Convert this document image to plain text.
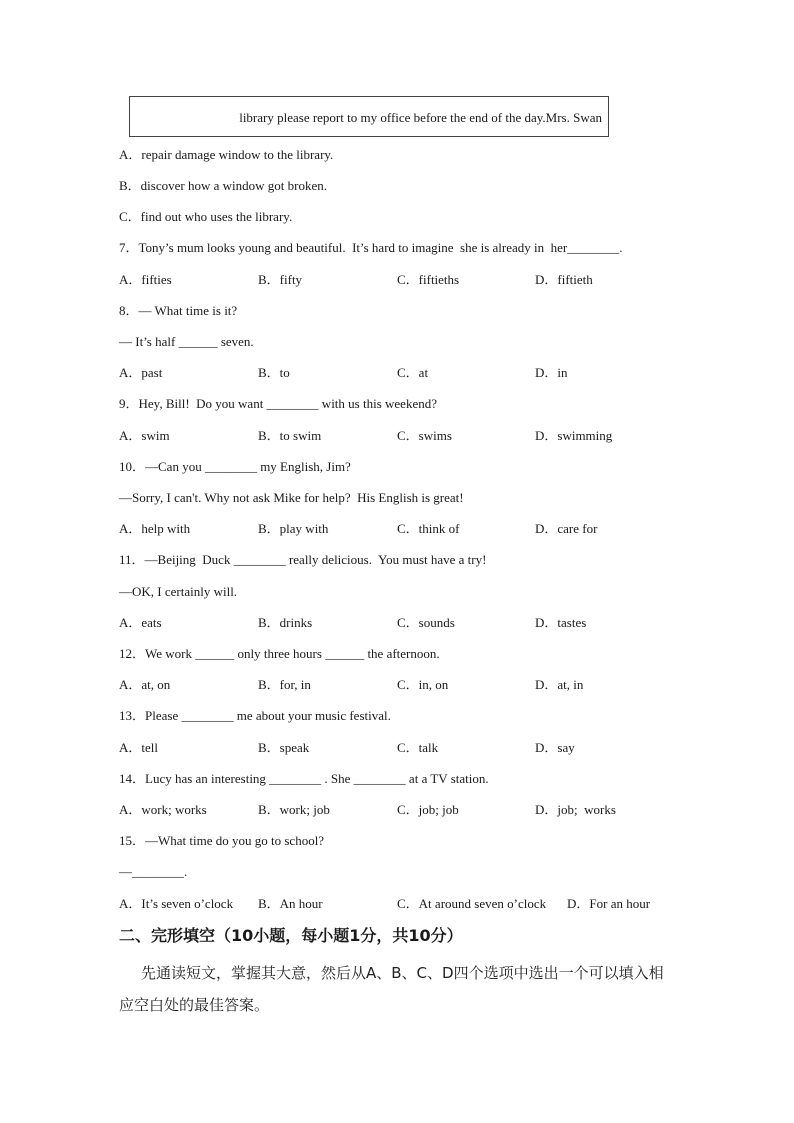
library please report to my office before the end of the day.Mrs. Swan
A．repair damage window to the library.
B．discover how a window got broken.
C．find out who uses the library.
7．Tony’s mum looks young and beautiful.  It’s hard to imagine  she is already in  her________.
A．fifties	B．fifty	C．fiftieths	D．fiftieth
8．— What time is it?
— It’s half ______ seven.
A．past	B．to	C．at	D．in
9．Hey, Bill!  Do you want ________ with us this weekend?
A．swim	B．to swim	C．swims	D．swimming
10．—Can you ________ my English, Jim?
—Sorry, I can't. Why not ask Mike for help?  His English is great!
A．help with	B．play with	C．think of	D．care for
11．—Beijing  Duck ________ really delicious.  You must have a try!
—OK, I certainly will.
A．eats	B．drinks	C．sounds	D．tastes
12．We work ______ only three hours ______ the afternoon.
A．at, on	B．for, in	C．in, on	D．at, in
13．Please ________ me about your music festival.
A．tell	B．speak	C．talk	D．say
14．Lucy has an interesting ________ . She ________ at a TV station.
A．work; works	B．work; job	C．job; job	D．job;  works
15．—What time do you go to school?
—________.
A．It’s seven o’clock B．An hour	C．At around seven o’clock D．For an hour
二、完形填空（10小题，每小题1分，共10分）
先通读短文，掌握其大意，然后从A、B、C、D四个选项中选出一个可以填入相应空白处的最佳答案。
